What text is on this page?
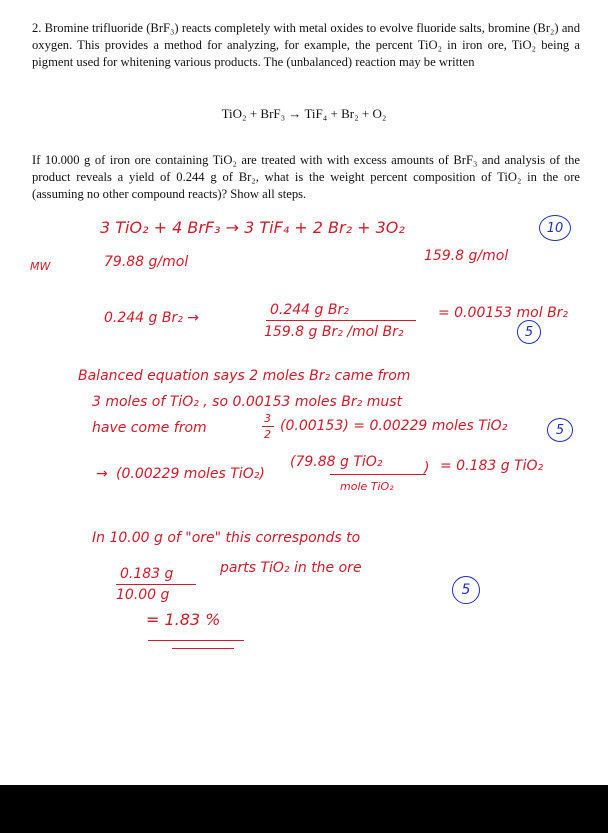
2. Bromine trifluoride (BrF₃) reacts completely with metal oxides to evolve fluoride salts, bromine (Br₂) and oxygen. This provides a method for analyzing, for example, the percent TiO₂ in iron ore, TiO₂ being a pigment used for whitening various products. The (unbalanced) reaction may be written
TiO₂ + BrF₃ → TiF₄ + Br₂ + O₂
If 10.000 g of iron ore containing TiO₂ are treated with with excess amounts of BrF₃ and analysis of the product reveals a yield of 0.244 g of Br₂, what is the weight percent composition of TiO₂ in the ore (assuming no other compound reacts)? Show all steps.
3 TiO₂ + 4 BrF₃ → 3 TiF₄ + 2 Br₂ + 3O₂
MW	79.88 g/mol	159.8 g/mol
0.244 g Br₂ →	0.244 g Br₂
159.8 g Br₂ /mol Br₂
= 0.00153 mol Br₂
Balanced equation says 2 moles Br₂ came from
3 moles of TiO₂ , so 0.00153 moles Br₂ must
have come from
3
2
(0.00153) = 0.00229 moles TiO₂
→ (0.00229 moles TiO₂)
(79.88 g TiO₂
mole TiO₂
) = 0.183 g TiO₂
In 10.00 g of "ore" this corresponds to
0.183 g
10.00 g
parts TiO₂ in the ore
= 1.83 %
10
5
5
5
